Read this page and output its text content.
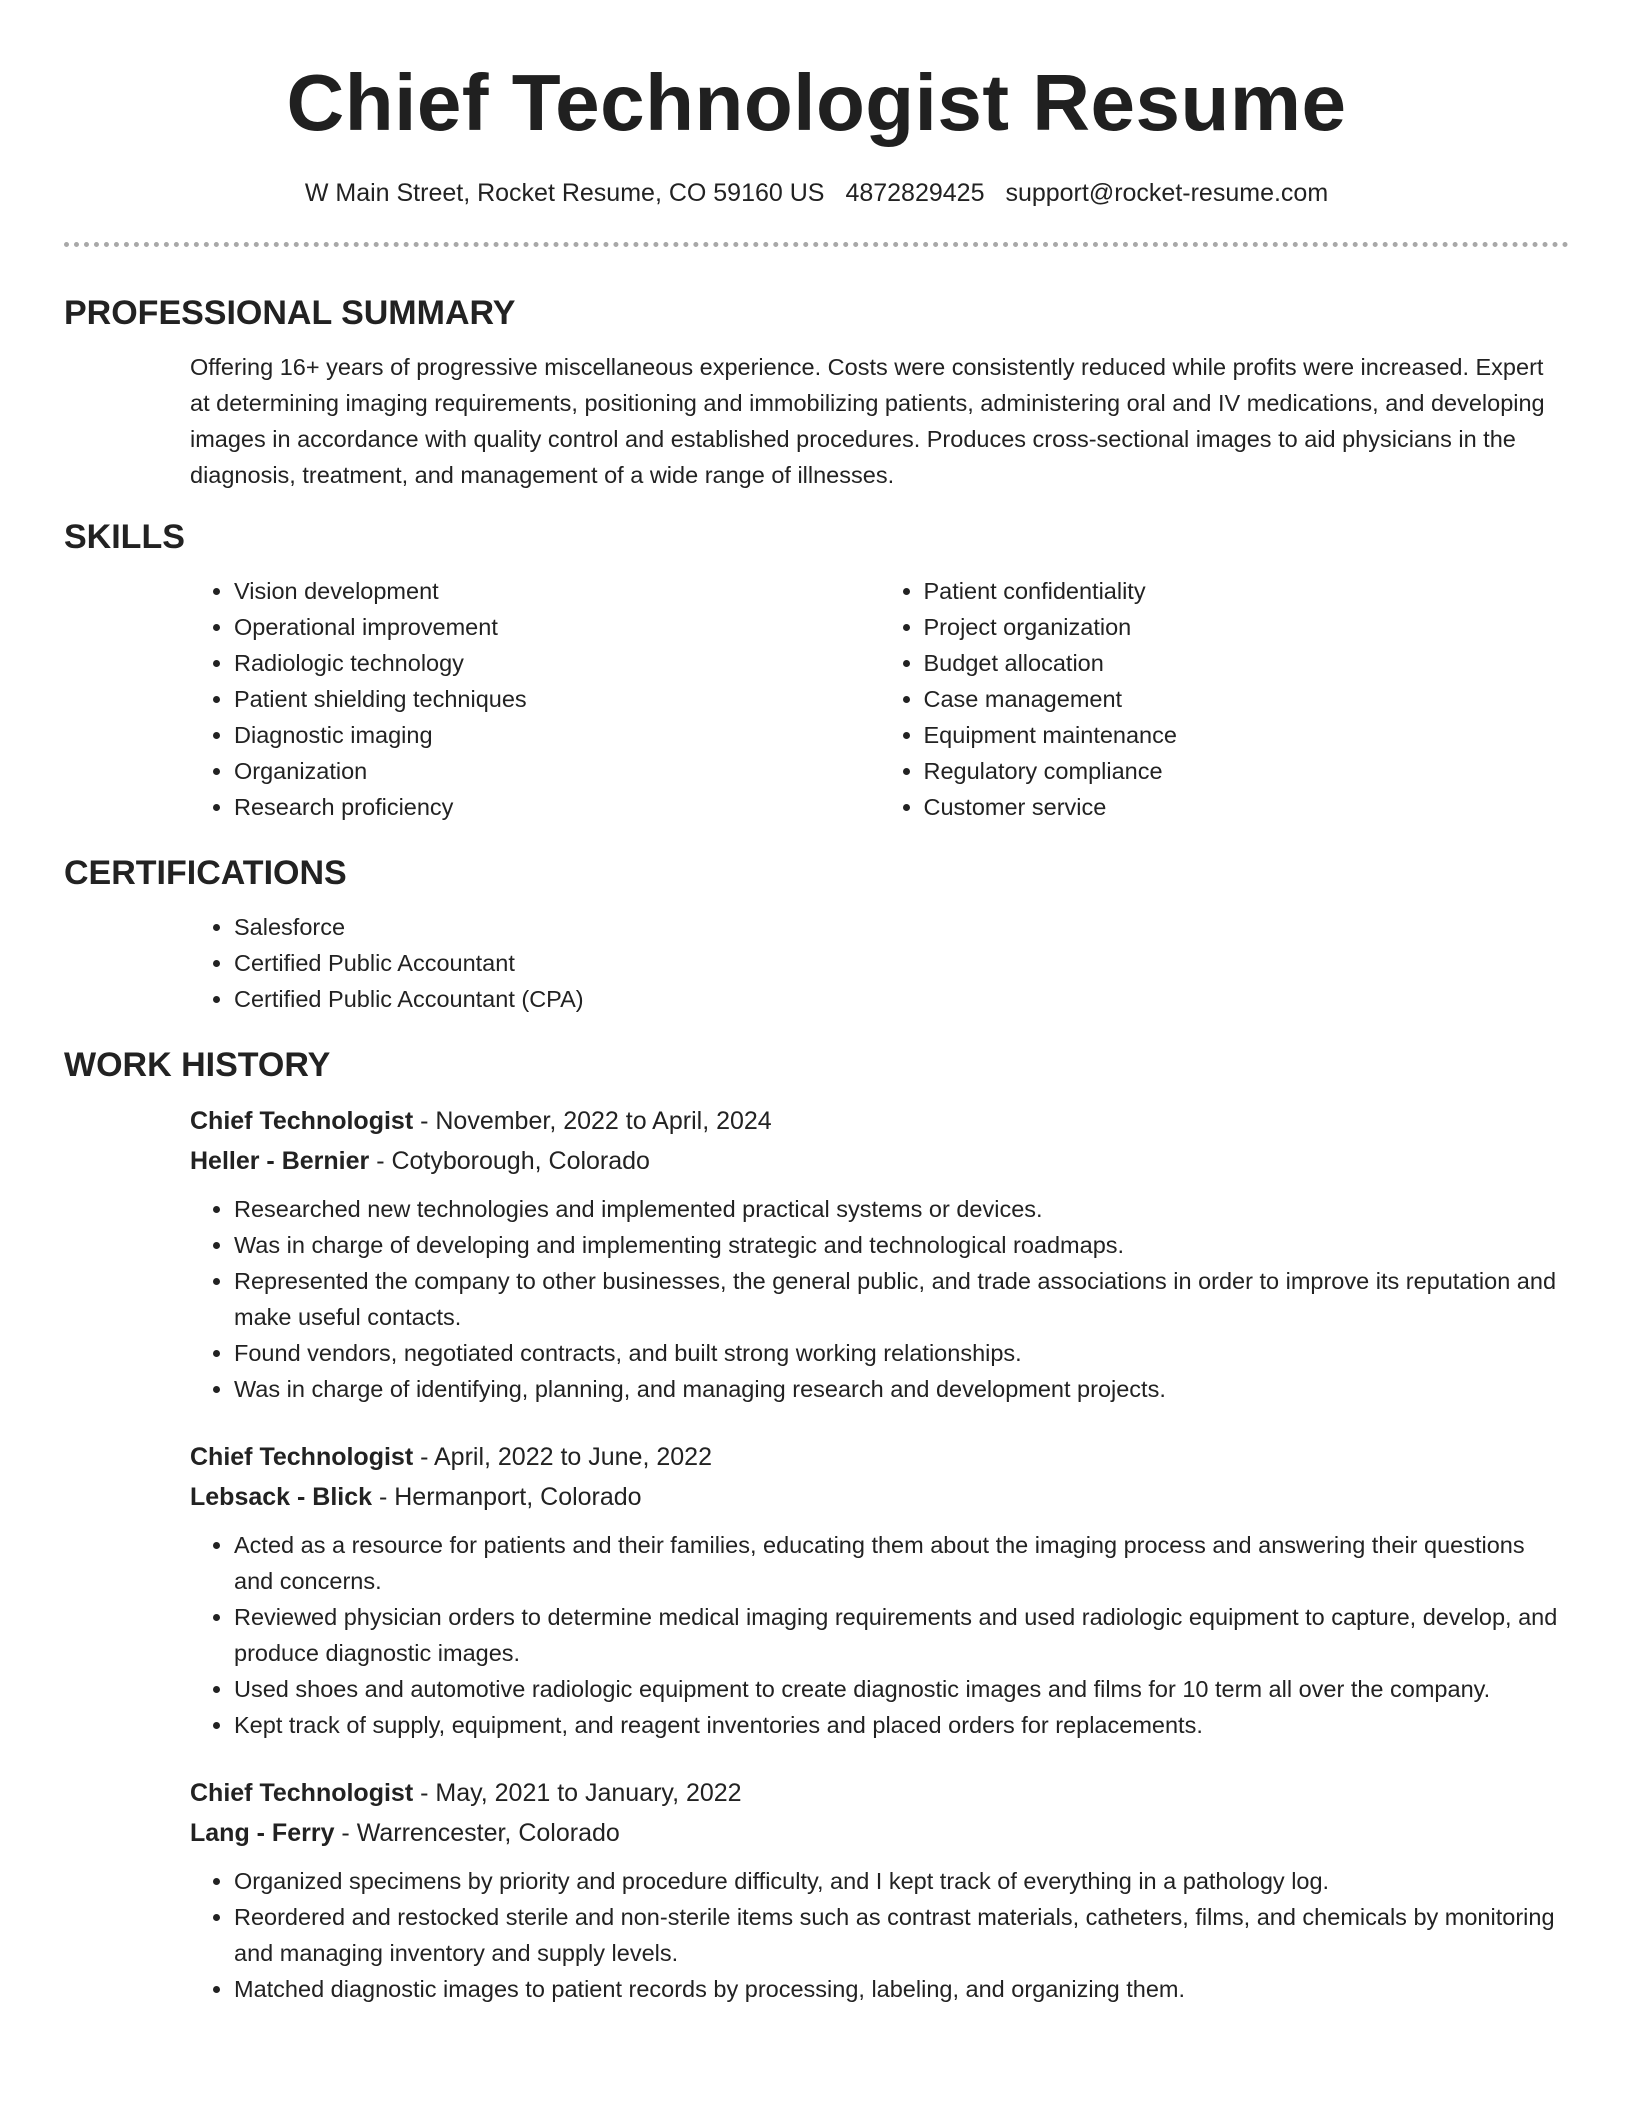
Chief Technologist Resume
W Main Street, Rocket Resume, CO 59160 US 4872829425 support@rocket-resume.com
PROFESSIONAL SUMMARY

Offering 16+ years of progressive miscellaneous experience. Costs were consistently reduced while profits were increased. Expert at determining imaging requirements, positioning and immobilizing patients, administering oral and IV medications, and developing images in accordance with quality control and established procedures. Produces cross-sectional images to aid physicians in the diagnosis, treatment, and management of a wide range of illnesses.

SKILLS
• Vision development
• Operational improvement
• Radiologic technology
• Patient shielding techniques
• Diagnostic imaging
• Organization
• Research proficiency
• Patient confidentiality
• Project organization
• Budget allocation
• Case management
• Equipment maintenance
• Regulatory compliance
• Customer service
CERTIFICATIONS
• Salesforce
• Certified Public Accountant
• Certified Public Accountant (CPA)
WORK HISTORY
Chief Technologist - November, 2022 to April, 2024
Heller - Bernier - Cotyborough, Colorado
• Researched new technologies and implemented practical systems or devices.
• Was in charge of developing and implementing strategic and technological roadmaps.
• Represented the company to other businesses, the general public, and trade associations in order to improve its reputation and make useful contacts.
• Found vendors, negotiated contracts, and built strong working relationships.
• Was in charge of identifying, planning, and managing research and development projects.
Chief Technologist - April, 2022 to June, 2022
Lebsack - Blick - Hermanport, Colorado
• Acted as a resource for patients and their families, educating them about the imaging process and answering their questions and concerns.
• Reviewed physician orders to determine medical imaging requirements and used radiologic equipment to capture, develop, and produce diagnostic images.
• Used shoes and automotive radiologic equipment to create diagnostic images and films for 10 term all over the company.
• Kept track of supply, equipment, and reagent inventories and placed orders for replacements.
Chief Technologist - May, 2021 to January, 2022
Lang - Ferry - Warrencester, Colorado
• Organized specimens by priority and procedure difficulty, and I kept track of everything in a pathology log.
• Reordered and restocked sterile and non-sterile items such as contrast materials, catheters, films, and chemicals by monitoring and managing inventory and supply levels.
• Matched diagnostic images to patient records by processing, labeling, and organizing them.
